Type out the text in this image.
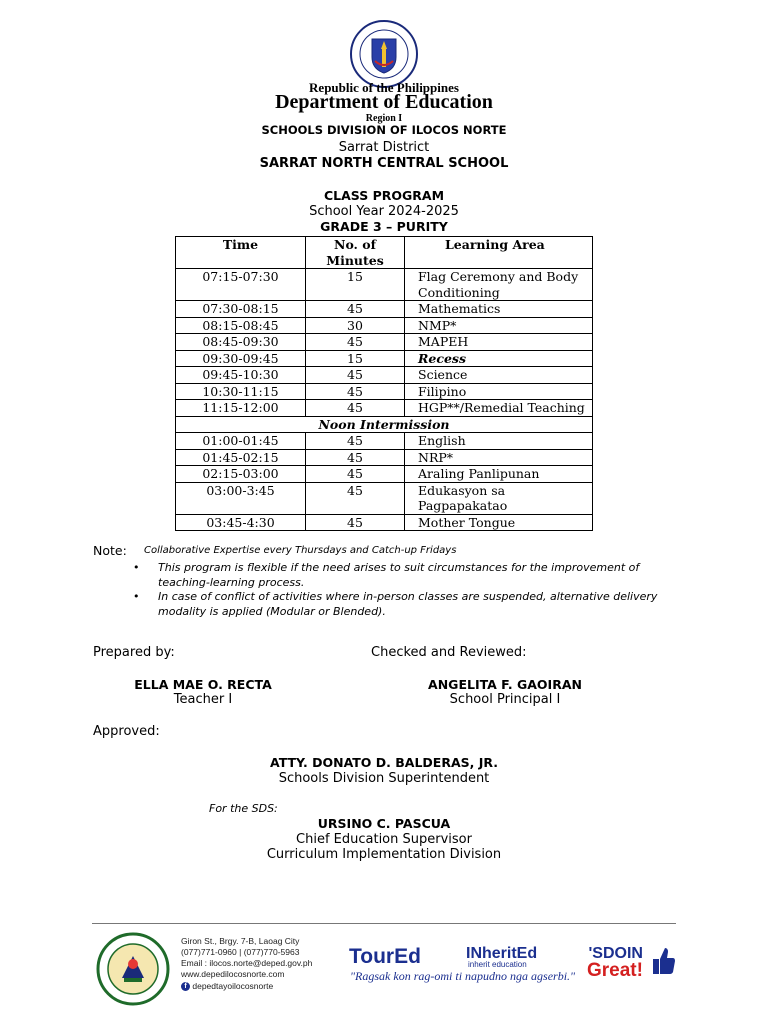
Republic of the Philippines
Department of Education
Region I
SCHOOLS DIVISION OF ILOCOS NORTE
Sarrat District
SARRAT NORTH CENTRAL SCHOOL
CLASS PROGRAM
School Year 2024-2025
GRADE 3 – PURITY
Time	No. of Minutes	Learning Area
07:15-07:30	15	Flag Ceremony and Body Conditioning
07:30-08:15	45	Mathematics
08:15-08:45	30	NMP*
08:45-09:30	45	MAPEH
09:30-09:45	15	Recess
09:45-10:30	45	Science
10:30-11:15	45	Filipino
11:15-12:00	45	HGP**/Remedial Teaching
Noon Intermission		
01:00-01:45	45	English
01:45-02:15	45	NRP*
02:15-03:00	45	Araling Panlipunan
03:00-3:45	45	Edukasyon sa Pagpapakatao
03:45-4:30	45	Mother Tongue
Note: Collaborative Expertise every Thursdays and Catch-up Fridays
• This program is flexible if the need arises to suit circumstances for the improvement of teaching-learning process.
• In case of conflict of activities where in-person classes are suspended, alternative delivery modality is applied (Modular or Blended).
Prepared by:	Checked and Reviewed:
ELLA MAE O. RECTA
Teacher I
ANGELITA F. GAOIRAN
School Principal I
Approved:
ATTY. DONATO D. BALDERAS, JR.
Schools Division Superintendent
For the SDS:
URSINO C. PASCUA
Chief Education Supervisor
Curriculum Implementation Division
Giron St., Brgy. 7-B, Laoag City
(077)771-0960 | (077)770-5963
Email : ilocos.norte@deped.gov.ph
www.depedilocosnorte.com
f depedtayoilocosnorte
TourEd	INheritEd
inherit education
"Ragsak kon rag-omi ti napudno nga agserbi."
'SDOIN
Great!
